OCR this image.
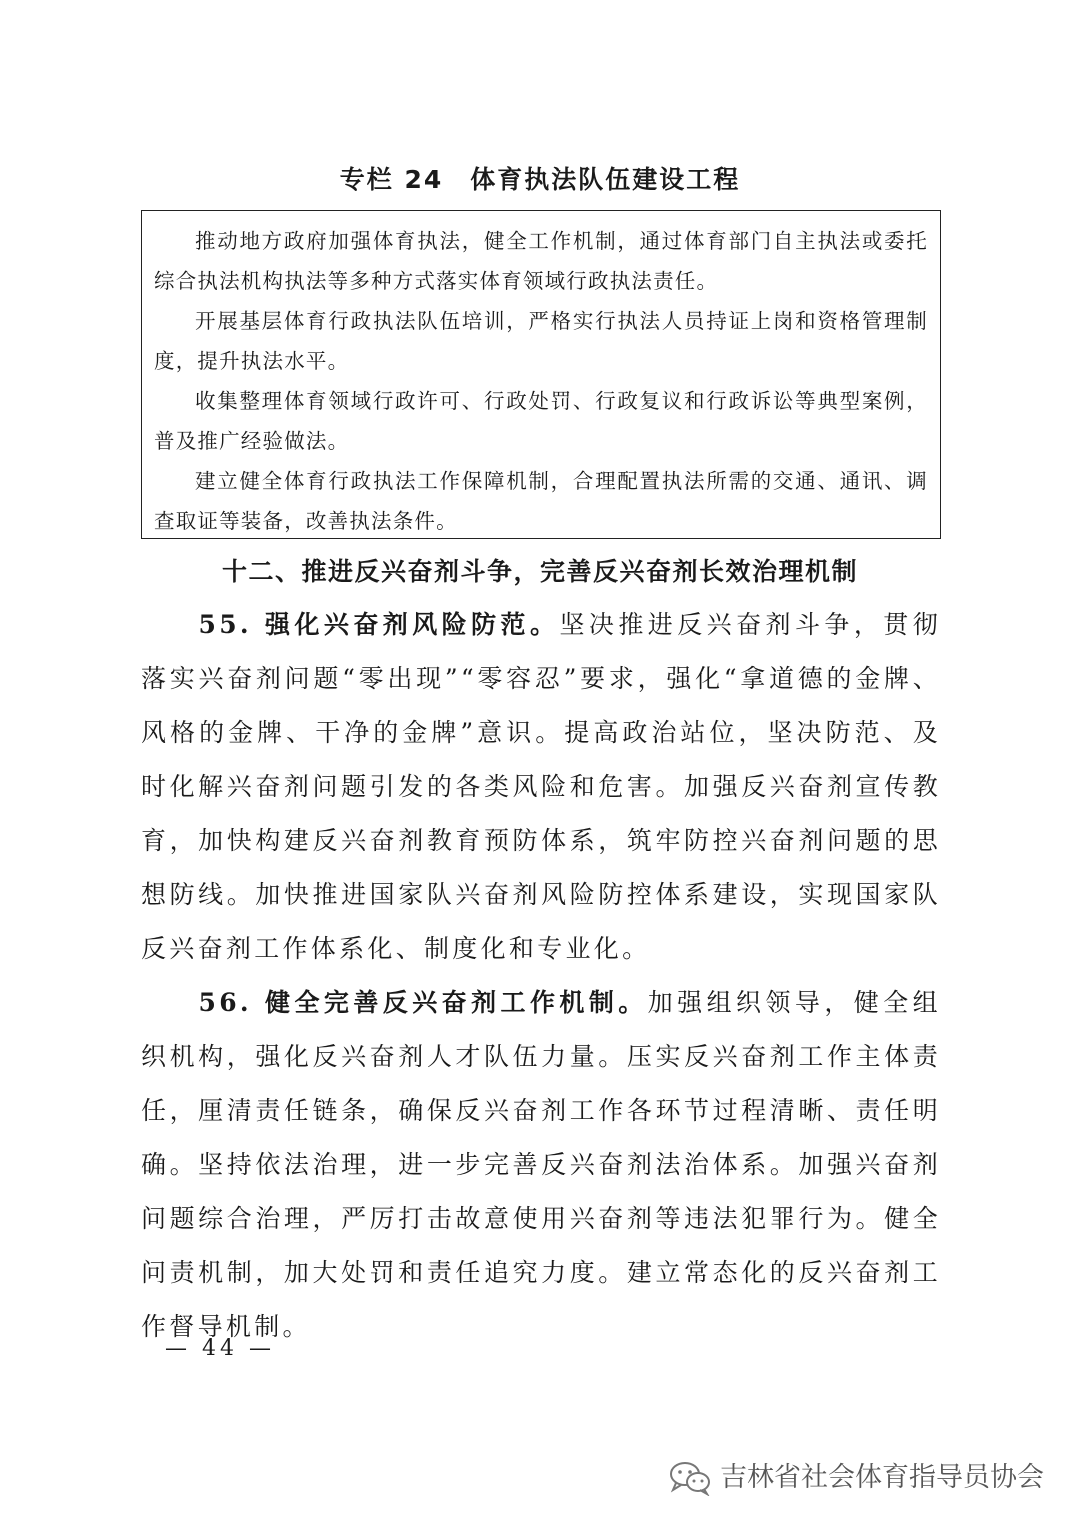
专栏 24　体育执法队伍建设工程

推动地方政府加强体育执法，健全工作机制，通过体育部门自主执法或委托综合执法机构执法等多种方式落实体育领域行政执法责任。

开展基层体育行政执法队伍培训，严格实行执法人员持证上岗和资格管理制度，提升执法水平。

收集整理体育领域行政许可、行政处罚、行政复议和行政诉讼等典型案例，普及推广经验做法。

建立健全体育行政执法工作保障机制，合理配置执法所需的交通、通讯、调查取证等装备，改善执法条件。

十二、推进反兴奋剂斗争，完善反兴奋剂长效治理机制

55. 强化兴奋剂风险防范。坚决推进反兴奋剂斗争，贯彻落实兴奋剂问题“零出现”“零容忍”要求，强化“拿道德的金牌、风格的金牌、干净的金牌”意识。提高政治站位，坚决防范、及时化解兴奋剂问题引发的各类风险和危害。加强反兴奋剂宣传教育，加快构建反兴奋剂教育预防体系，筑牢防控兴奋剂问题的思想防线。加快推进国家队兴奋剂风险防控体系建设，实现国家队反兴奋剂工作体系化、制度化和专业化。

56. 健全完善反兴奋剂工作机制。加强组织领导，健全组织机构，强化反兴奋剂人才队伍力量。压实反兴奋剂工作主体责任，厘清责任链条，确保反兴奋剂工作各环节过程清晰、责任明确。坚持依法治理，进一步完善反兴奋剂法治体系。加强兴奋剂问题综合治理，严厉打击故意使用兴奋剂等违法犯罪行为。健全问责机制，加大处罚和责任追究力度。建立常态化的反兴奋剂工作督导机制。

— 44 —
吉林省社会体育指导员协会
